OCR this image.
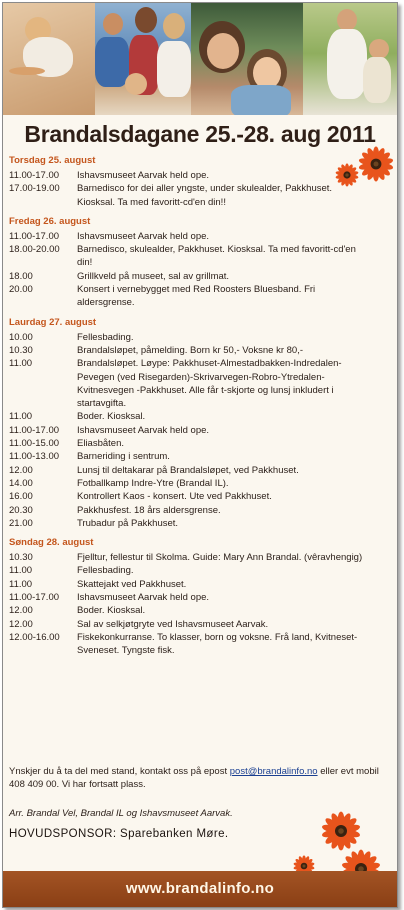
Brandalsdagane 25.-28. aug 2011
Torsdag 25. august
11.00-17.00	Ishavsmuseet Aarvak held ope.
17.00-19.00	Barnedisco for dei aller yngste, under skulealder, Pakkhuset. Kiosksal. Ta med favoritt-cd'en din!!
Fredag 26. august
11.00-17.00	Ishavsmuseet Aarvak held ope.
18.00-20.00	Barnedisco, skulealder, Pakkhuset. Kiosksal. Ta med favoritt-cd'en din!
18.00	Grillkveld på museet, sal av grillmat.
20.00	Konsert i vernebygget med Red Roosters Bluesband. Fri aldersgrense.
Laurdag 27. august
10.00	Fellesbading.
10.30	Brandalsløpet, påmelding. Born kr 50,- Voksne kr 80,-
11.00	Brandalsløpet. Løype: Pakkhuset-Almestadbakken-Indredalen-Pevegen (ved Risegarden)-Skrivarvegen-Robro-Ytredalen-Kvitnesvegen -Pakkhuset. Alle får t-skjorte og lunsj inkludert i startavgifta.
11.00	Boder. Kiosksal.
11.00-17.00	Ishavsmuseet Aarvak held ope.
11.00-15.00	Eliasbåten.
11.00-13.00	Barneriding i sentrum.
12.00	Lunsj til deltakarar på Brandalsløpet, ved Pakkhuset.
14.00	Fotballkamp Indre-Ytre (Brandal IL).
16.00	Kontrollert Kaos - konsert. Ute ved Pakkhuset.
20.30	Pakkhusfest. 18 års aldersgrense.
21.00	Trubadur på Pakkhuset.
Søndag 28. august
10.30	Fjelltur, fellestur til Skolma. Guide: Mary Ann Brandal. (vêravhengig)
11.00	Fellesbading.
11.00	Skattejakt ved Pakkhuset.
11.00-17.00	Ishavsmuseet Aarvak held ope.
12.00	Boder. Kiosksal.
12.00	Sal av selkjøtgryte ved Ishavsmuseet Aarvak.
12.00-16.00	Fiskekonkurranse. To klasser, born og voksne. Frå land, Kvitneset-Sveneset. Tyngste fisk.
Ynskjer du å ta del med stand, kontakt oss på epost post@brandalinfo.no eller evt mobil 408 409 00. Vi har fortsatt plass.
Arr. Brandal Vel, Brandal IL og Ishavsmuseet Aarvak.
HOVUDSPONSOR: Sparebanken Møre.
www.brandalinfo.no
